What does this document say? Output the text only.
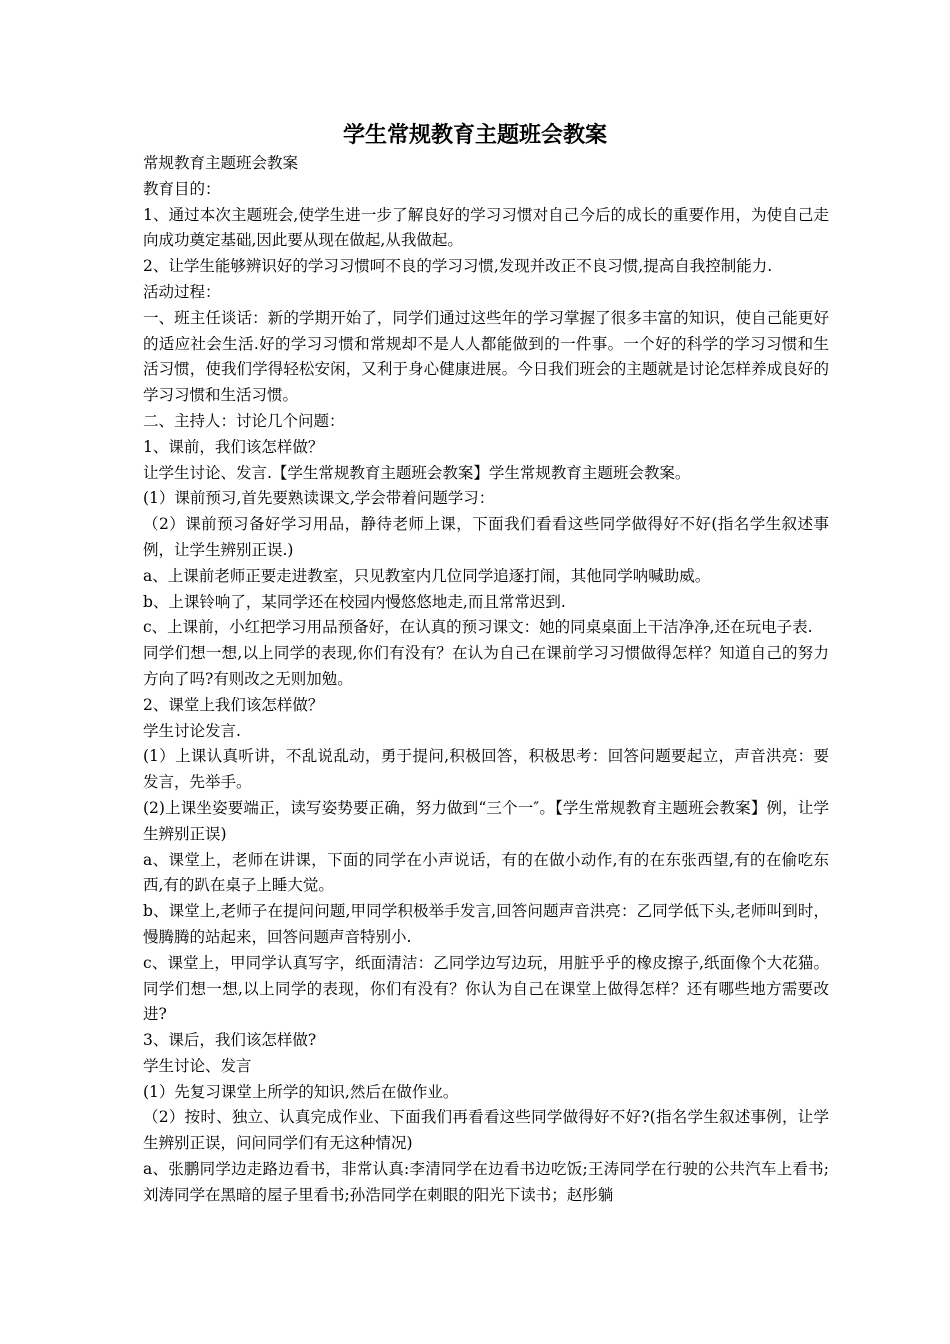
学生常规教育主题班会教案

常规教育主题班会教案

教育目的：

1、通过本次主题班会,使学生进一步了解良好的学习习惯对自己今后的成长的重要作用，为使自己走向成功奠定基础,因此要从现在做起,从我做起。

2、让学生能够辨识好的学习习惯呵不良的学习习惯,发现并改正不良习惯,提高自我控制能力.

活动过程：

一、班主任谈话：新的学期开始了，同学们通过这些年的学习掌握了很多丰富的知识，使自己能更好的适应社会生活.好的学习习惯和常规却不是人人都能做到的一件事。一个好的科学的学习习惯和生活习惯，使我们学得轻松安闲，又利于身心健康进展。今日我们班会的主题就是讨论怎样养成良好的学习习惯和生活习惯。

二、主持人：讨论几个问题：

1、课前，我们该怎样做？

让学生讨论、发言.【学生常规教育主题班会教案】学生常规教育主题班会教案。

(1）课前预习,首先要熟读课文,学会带着问题学习：

（2）课前预习备好学习用品，静待老师上课，下面我们看看这些同学做得好不好(指名学生叙述事例，让学生辨别正误.)

a、上课前老师正要走进教室，只见教室内几位同学追逐打闹，其他同学呐喊助威。

b、上课铃响了，某同学还在校园内慢悠悠地走,而且常常迟到.

c、上课前，小红把学习用品预备好，在认真的预习课文：她的同桌桌面上干洁净净,还在玩电子表.

同学们想一想,以上同学的表现,你们有没有？在认为自己在课前学习习惯做得怎样？知道自己的努力方向了吗?有则改之无则加勉。

2、课堂上我们该怎样做？

学生讨论发言.

(1）上课认真听讲，不乱说乱动，勇于提问,积极回答，积极思考：回答问题要起立，声音洪亮：要发言，先举手。

(2)上课坐姿要端正，读写姿势要正确，努力做到“三个一″。【学生常规教育主题班会教案】例，让学生辨别正误)

a、课堂上，老师在讲课，下面的同学在小声说话，有的在做小动作,有的在东张西望,有的在偷吃东西,有的趴在桌子上睡大觉。

b、课堂上,老师子在提问问题,甲同学积极举手发言,回答问题声音洪亮：乙同学低下头,老师叫到时，慢腾腾的站起来，回答问题声音特别小.

c、课堂上，甲同学认真写字，纸面清洁：乙同学边写边玩，用脏乎乎的橡皮擦子,纸面像个大花猫。同学们想一想,以上同学的表现，你们有没有？你认为自己在课堂上做得怎样？还有哪些地方需要改进?

3、课后，我们该怎样做?

学生讨论、发言

(1）先复习课堂上所学的知识,然后在做作业。

（2）按时、独立、认真完成作业、下面我们再看看这些同学做得好不好?(指名学生叙述事例，让学生辨别正误，问问同学们有无这种情况)

a、张鹏同学边走路边看书，非常认真:李清同学在边看书边吃饭;王涛同学在行驶的公共汽车上看书;刘涛同学在黑暗的屋子里看书;孙浩同学在刺眼的阳光下读书；赵彤躺
